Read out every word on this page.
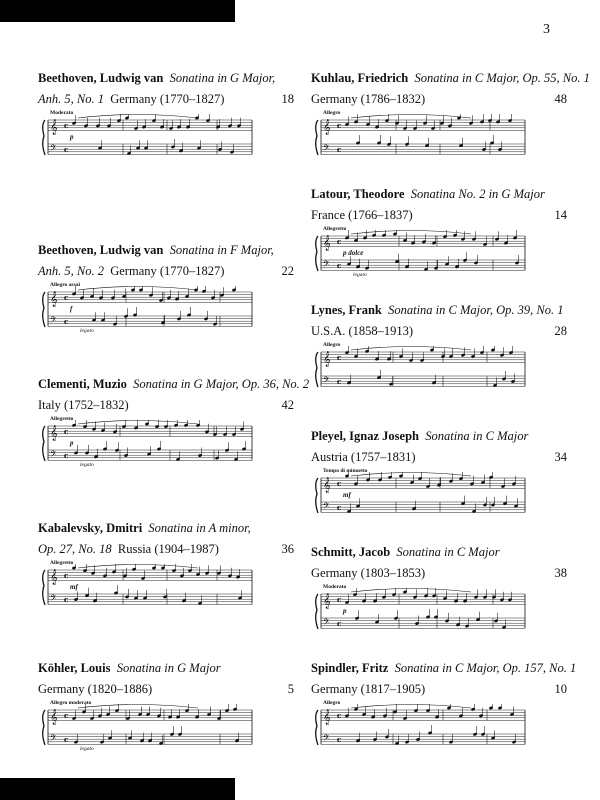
3
Beethoven, Ludwig van Sonatina in G Major,
Anh. 5, No. 1 Germany (1770–1827)	18
𝄞
𝄢
c
c
Moderato
p
Beethoven, Ludwig van Sonatina in F Major,
Anh. 5, No. 2 Germany (1770–1827)	22
𝄞
𝄢
c
c
Allegro assai
f
legato
Clementi, Muzio Sonatina in G Major, Op. 36, No. 2
Italy (1752–1832)	42
𝄞
𝄢
c
c
Allegretto
p
legato
Kabalevsky, Dmitri Sonatina in A minor,
Op. 27, No. 18 Russia (1904–1987)	36
𝄞
𝄢
c
c
Allegretto
mf
Köhler, Louis Sonatina in G Major
Germany (1820–1886)	5
𝄞
𝄢
c
c
Allegro moderato
legato
Kuhlau, Friedrich Sonatina in C Major, Op. 55, No. 1
Germany (1786–1832)	48
𝄞
𝄢
c
c
Allegro
Latour, Theodore Sonatina No. 2 in G Major
France (1766–1837)	14
𝄞
𝄢
c
c
Allegretto
p dolce
legato
Lynes, Frank Sonatina in C Major, Op. 39, No. 1
U.S.A. (1858–1913)	28
𝄞
𝄢
c
c
Allegro
Pleyel, Ignaz Joseph Sonatina in C Major
Austria (1757–1831)	34
𝄞
𝄢
c
c
Tempo di minuetto
mf
Schmitt, Jacob Sonatina in C Major
Germany (1803–1853)	38
𝄞
𝄢
c
c
Moderato
p
Spindler, Fritz Sonatina in C Major, Op. 157, No. 1
Germany (1817–1905)	10
𝄞
𝄢
c
c
Allegro
